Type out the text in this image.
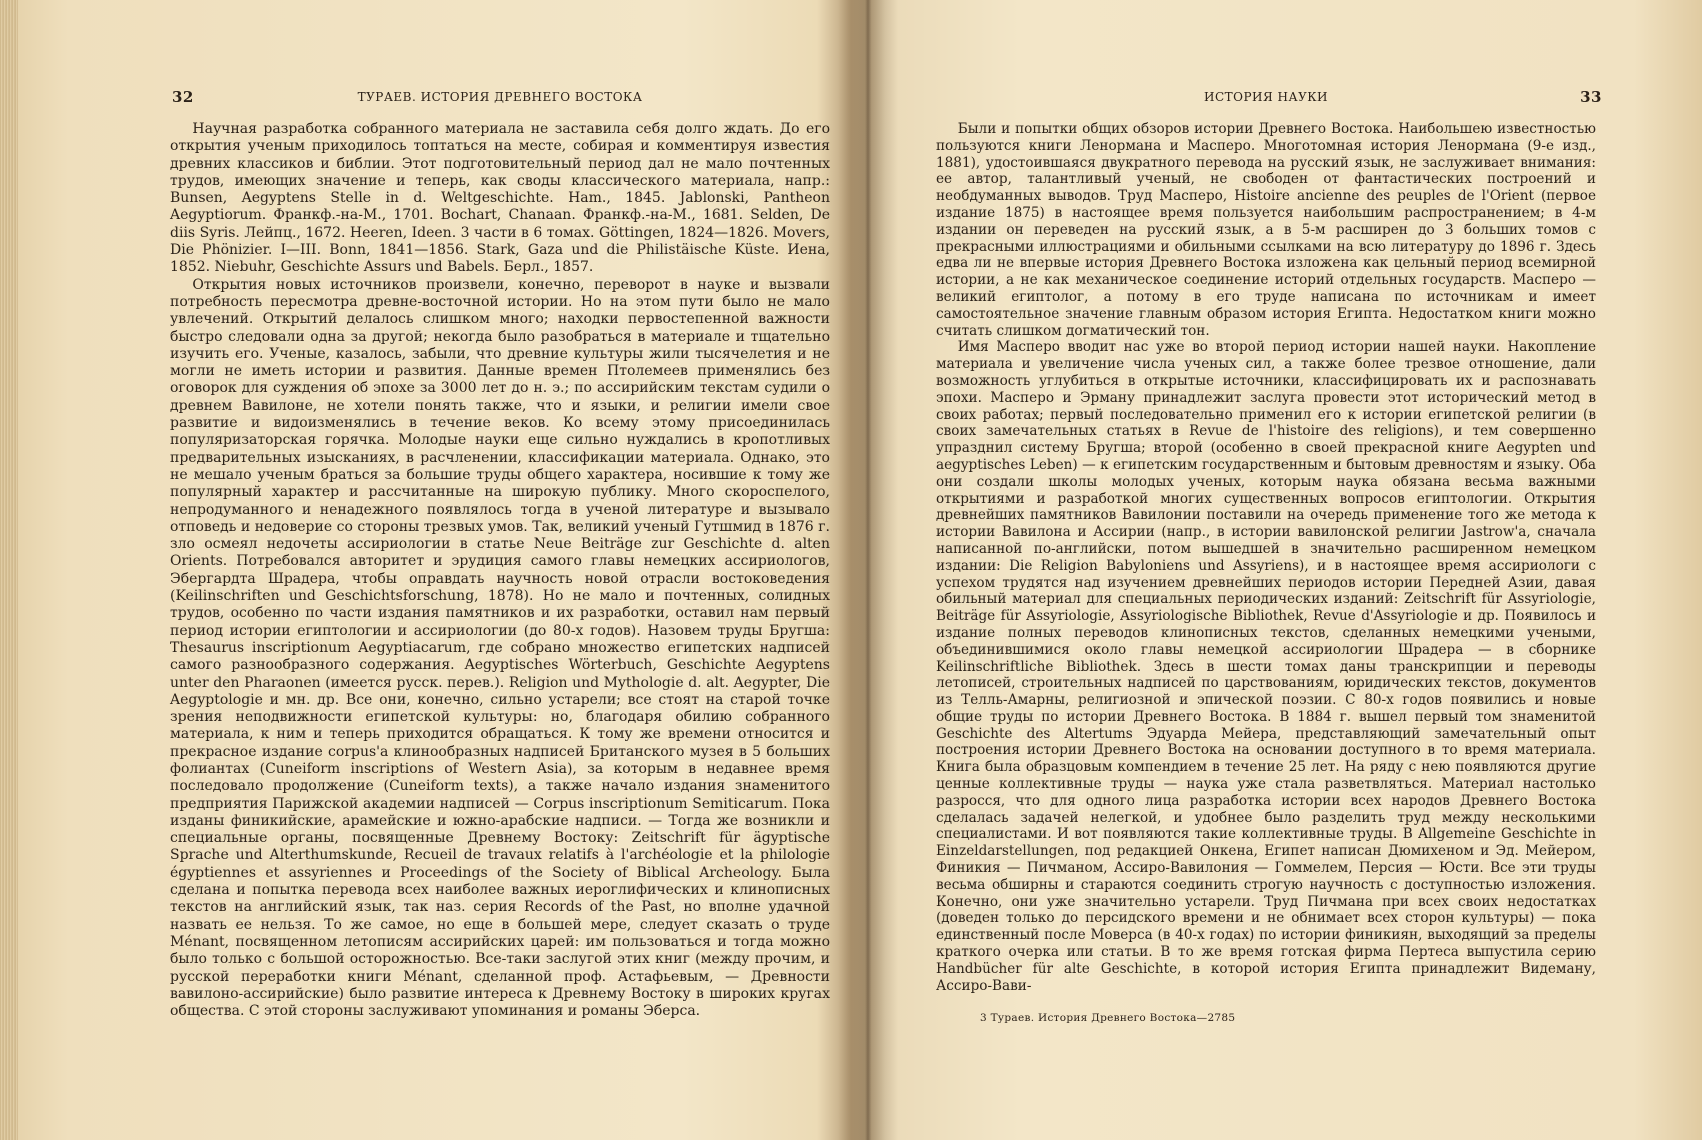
32	ТУРАЕВ. ИСТОРИЯ ДРЕВНЕГО ВОСТОКА

Научная разработка собранного материала не заставила себя долго ждать. До его открытия ученым приходилось топтаться на месте, собирая и комментируя известия древних классиков и библии. Этот подготовительный период дал не мало почтенных трудов, имеющих значение и теперь, как своды классического материала, напр.: Bunsen, Aegyptens Stelle in d. Weltgeschichte. Ham., 1845. Jablonski, Pantheon Aegyptiorum. Франкф.-на-М., 1701. Bochart, Chanaan. Франкф.-на-М., 1681. Selden, De diis Syris. Лейпц., 1672. Heeren, Ideen. 3 части в 6 томах. Göttingen, 1824—1826. Movers, Die Phönizier. I—III. Bonn, 1841—1856. Stark, Gaza und die Philistäische Küste. Иена, 1852. Niebuhr, Geschichte Assurs und Babels. Берл., 1857.

Открытия новых источников произвели, конечно, переворот в науке и вызвали потребность пересмотра древне-восточной истории. Но на этом пути было не мало увлечений. Открытий делалось слишком много; находки первостепенной важности быстро следовали одна за другой; некогда было разобраться в материале и тщательно изучить его. Ученые, казалось, забыли, что древние культуры жили тысячелетия и не могли не иметь истории и развития. Данные времен Птолемеев применялись без оговорок для суждения об эпохе за 3000 лет до н. э.; по ассирийским текстам судили о древнем Вавилоне, не хотели понять также, что и языки, и религии имели свое развитие и видоизменялись в течение веков. Ко всему этому присоединилась популяризаторская горячка. Молодые науки еще сильно нуждались в кропотливых предварительных изысканиях, в расчленении, классификации материала. Однако, это не мешало ученым браться за большие труды общего характера, носившие к тому же популярный характер и рассчитанные на широкую публику. Много скороспелого, непродуманного и ненадежного появлялось тогда в ученой литературе и вызывало отповедь и недоверие со стороны трезвых умов. Так, великий ученый Гутшмид в 1876 г. зло осмеял недочеты ассириологии в статье Neue Beiträge zur Geschichte d. alten Orients. Потребовался авторитет и эрудиция самого главы немецких ассириологов, Эбергардта Шрадера, чтобы оправдать научность новой отрасли востоковедения (Keilinschriften und Geschichtsforschung, 1878). Но не мало и почтенных, солидных трудов, особенно по части издания памятников и их разработки, оставил нам первый период истории египтологии и ассириологии (до 80-х годов). Назовем труды Бругша: Thesaurus inscriptionum Aegyptiacarum, где собрано множество египетских надписей самого разнообразного содержания. Aegyptisches Wörterbuch, Geschichte Aegyptens unter den Pharaonen (имеется русск. перев.). Religion und Mythologie d. alt. Aegypter, Die Aegyptologie и мн. др. Все они, конечно, сильно устарели; все стоят на старой точке зрения неподвижности египетской культуры: но, благодаря обилию собранного материала, к ним и теперь приходится обращаться. К тому же времени относится и прекрасное издание corpus'а клинообразных надписей Британского музея в 5 больших фолиантах (Cuneiform inscriptions of Western Asia), за которым в недавнее время последовало продолжение (Cuneiform texts), а также начало издания знаменитого предприятия Парижской академии надписей — Corpus inscriptionum Semiticarum. Пока изданы финикийские, арамейские и южно-арабские надписи. — Тогда же возникли и специальные органы, посвященные Древнему Востоку: Zeitschrift für ägyptische Sprache und Alterthumskunde, Recueil de travaux relatifs à l'archéologie et la philologie égyptiennes et assyriennes и Proceedings of the Society of Biblical Archeology. Была сделана и попытка перевода всех наиболее важных иероглифических и клинописных текстов на английский язык, так наз. серия Records of the Past, но вполне удачной назвать ее нельзя. То же самое, но еще в большей мере, следует сказать о труде Ménant, посвященном летописям ассирийских царей: им пользоваться и тогда можно было только с большой осторожностью. Все-таки заслугой этих книг (между прочим, и русской переработки книги Ménant, сделанной проф. Астафьевым, — Древности вавилоно-ассирийские) было развитие интереса к Древнему Востоку в широких кругах общества. С этой стороны заслуживают упоминания и романы Эберса.

ИСТОРИЯ НАУКИ	33

Были и попытки общих обзоров истории Древнего Востока. Наибольшею известностью пользуются книги Ленормана и Масперо. Многотомная история Ленормана (9-е изд., 1881), удостоившаяся двукратного перевода на русский язык, не заслуживает внимания: ее автор, талантливый ученый, не свободен от фантастических построений и необдуманных выводов. Труд Масперо, Histoire ancienne des peuples de l'Orient (первое издание 1875) в настоящее время пользуется наибольшим распространением; в 4-м издании он переведен на русский язык, а в 5-м расширен до 3 больших томов с прекрасными иллюстрациями и обильными ссылками на всю литературу до 1896 г. Здесь едва ли не впервые история Древнего Востока изложена как цельный период всемирной истории, а не как механическое соединение историй отдельных государств. Масперо — великий египтолог, а потому в его труде написана по источникам и имеет самостоятельное значение главным образом история Египта. Недостатком книги можно считать слишком догматический тон.

Имя Масперо вводит нас уже во второй период истории нашей науки. Накопление материала и увеличение числа ученых сил, а также более трезвое отношение, дали возможность углубиться в открытые источники, классифицировать их и распознавать эпохи. Масперо и Эрману принадлежит заслуга провести этот исторический метод в своих работах; первый последовательно применил его к истории египетской религии (в своих замечательных статьях в Revue de l'histoire des religions), и тем совершенно упразднил систему Бругша; второй (особенно в своей прекрасной книге Aegypten und aegyptisches Leben) — к египетским государственным и бытовым древностям и языку. Оба они создали школы молодых ученых, которым наука обязана весьма важными открытиями и разработкой многих существенных вопросов египтологии. Открытия древнейших памятников Вавилонии поставили на очередь применение того же метода к истории Вавилона и Ассирии (напр., в истории вавилонской религии Jastrow'а, сначала написанной по-английски, потом вышедшей в значительно расширенном немецком издании: Die Religion Babyloniens und Assyriens), и в настоящее время ассириологи с успехом трудятся над изучением древнейших периодов истории Передней Азии, давая обильный материал для специальных периодических изданий: Zeitschrift für Assyriologie, Beiträge für Assyriologie, Assyriologische Bibliothek, Revue d'Assyriologie и др. Появилось и издание полных переводов клинописных текстов, сделанных немецкими учеными, объединившимися около главы немецкой ассириологии Шрадера — в сборнике Keilinschriftliche Bibliothek. Здесь в шести томах даны транскрипции и переводы летописей, строительных надписей по царствованиям, юридических текстов, документов из Телль-Амарны, религиозной и эпической поэзии. С 80-х годов появились и новые общие труды по истории Древнего Востока. В 1884 г. вышел первый том знаменитой Geschichte des Altertums Эдуарда Мейера, представляющий замечательный опыт построения истории Древнего Востока на основании доступного в то время материала. Книга была образцовым компендием в течение 25 лет. На ряду с нею появляются другие ценные коллективные труды — наука уже стала разветвляться. Материал настолько разросся, что для одного лица разработка истории всех народов Древнего Востока сделалась задачей нелегкой, и удобнее было разделить труд между несколькими специалистами. И вот появляются такие коллективные труды. В Allgemeine Geschichte in Einzeldarstellungen, под редакцией Онкена, Египет написан Дюмихеном и Эд. Мейером, Финикия — Пичманом, Ассиро-Вавилония — Гоммелем, Персия — Юсти. Все эти труды весьма обширны и стараются соединить строгую научность с доступностью изложения. Конечно, они уже значительно устарели. Труд Пичмана при всех своих недостатках (доведен только до персидского времени и не обнимает всех сторон культуры) — пока единственный после Моверса (в 40-х годах) по истории финикиян, выходящий за пределы краткого очерка или статьи. В то же время готская фирма Пертеса выпустила серию Handbücher für alte Geschichte, в которой история Египта принадлежит Видеману, Ассиро-Вави-

3 Тураев. История Древнего Востока—2785
